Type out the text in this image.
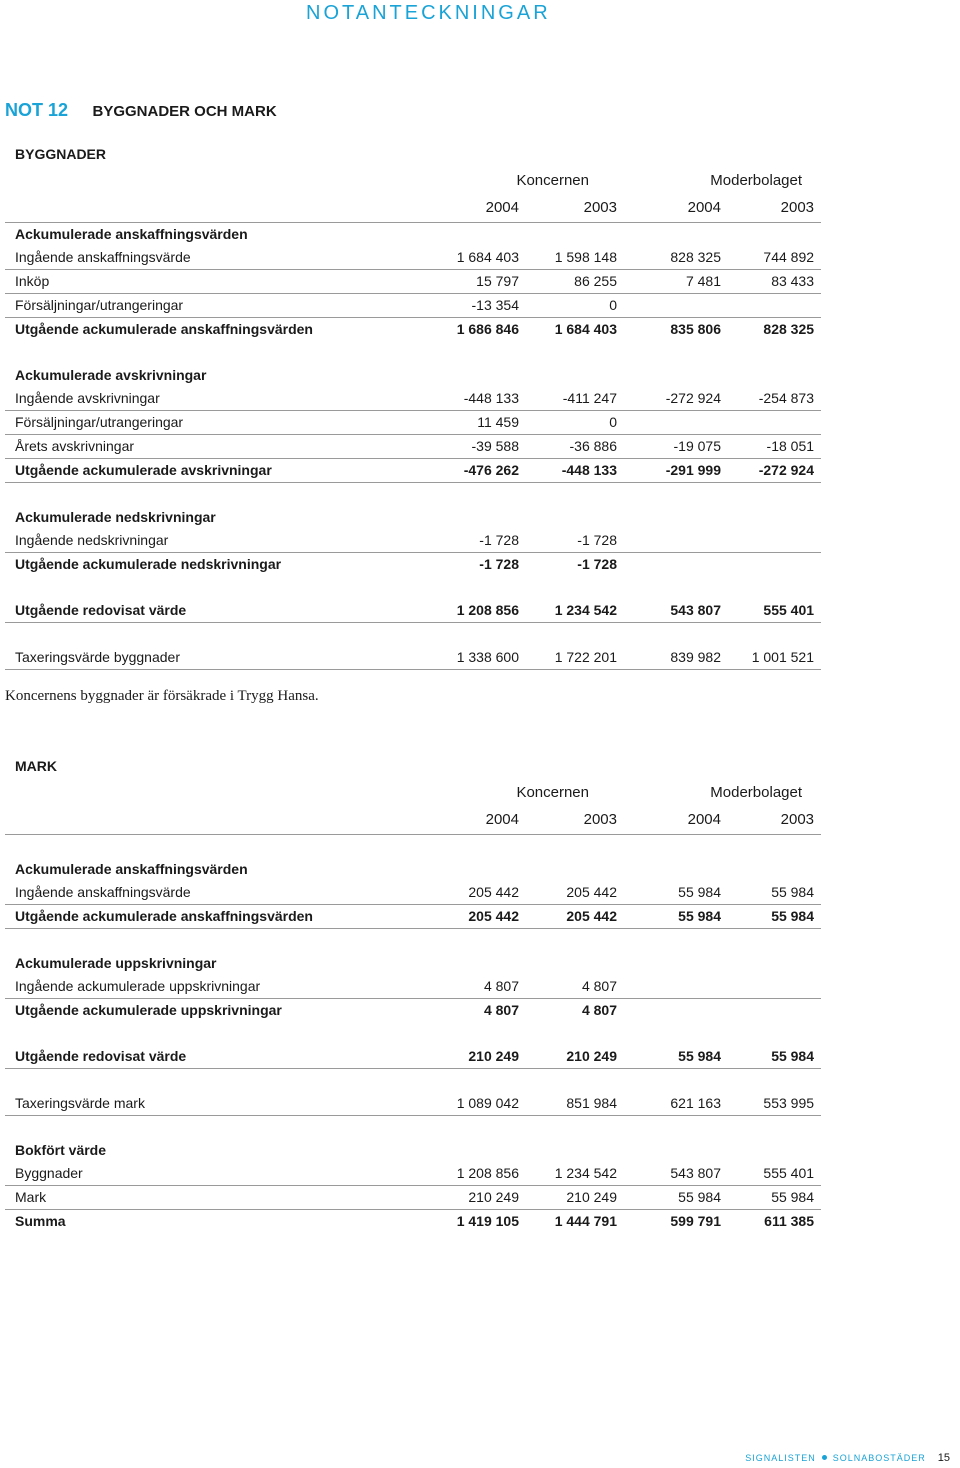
NOTANTECKNINGAR
NOT 12 BYGGNADER OCH MARK
BYGGNADER
	Koncernen		Moderbolaget		
	2004	2003	2004	2003	
Ackumulerade anskaffningsvärden					
Ingående anskaffningsvärde	1 684 403	1 598 148	828 325	744 892	
Inköp	15 797	86 255	7 481	83 433	
Försäljningar/utrangeringar	-13 354	0			
Utgående ackumulerade anskaffningsvärden	1 686 846	1 684 403	835 806	828 325	

Ackumulerade avskrivningar					
Ingående avskrivningar	-448 133	-411 247	-272 924	-254 873	
Försäljningar/utrangeringar	11 459	0			
Årets avskrivningar	-39 588	-36 886	-19 075	-18 051	
Utgående ackumulerade avskrivningar	-476 262	-448 133	-291 999	-272 924	

Ackumulerade nedskrivningar					
Ingående nedskrivningar	-1 728	-1 728			
Utgående ackumulerade nedskrivningar	-1 728	-1 728			

Utgående redovisat värde	1 208 856	1 234 542	543 807	555 401	

Taxeringsvärde byggnader	1 338 600	1 722 201	839 982	1 001 521	
Koncernens byggnader är försäkrade i Trygg Hansa.
MARK
	Koncernen		Moderbolaget		
	2004	2003	2004	2003	

Ackumulerade anskaffningsvärden					
Ingående anskaffningsvärde	205 442	205 442	55 984	55 984	
Utgående ackumulerade anskaffningsvärden	205 442	205 442	55 984	55 984	

Ackumulerade uppskrivningar					
Ingående ackumulerade uppskrivningar	4 807	4 807			
Utgående ackumulerade uppskrivningar	4 807	4 807			

Utgående redovisat värde	210 249	210 249	55 984	55 984	

Taxeringsvärde mark	1 089 042	851 984	621 163	553 995	

Bokfört värde					
Byggnader	1 208 856	1 234 542	543 807	555 401	
Mark	210 249	210 249	55 984	55 984	
Summa	1 419 105	1 444 791	599 791	611 385	
SIGNALISTEN SOLNABOSTÄDER 15
